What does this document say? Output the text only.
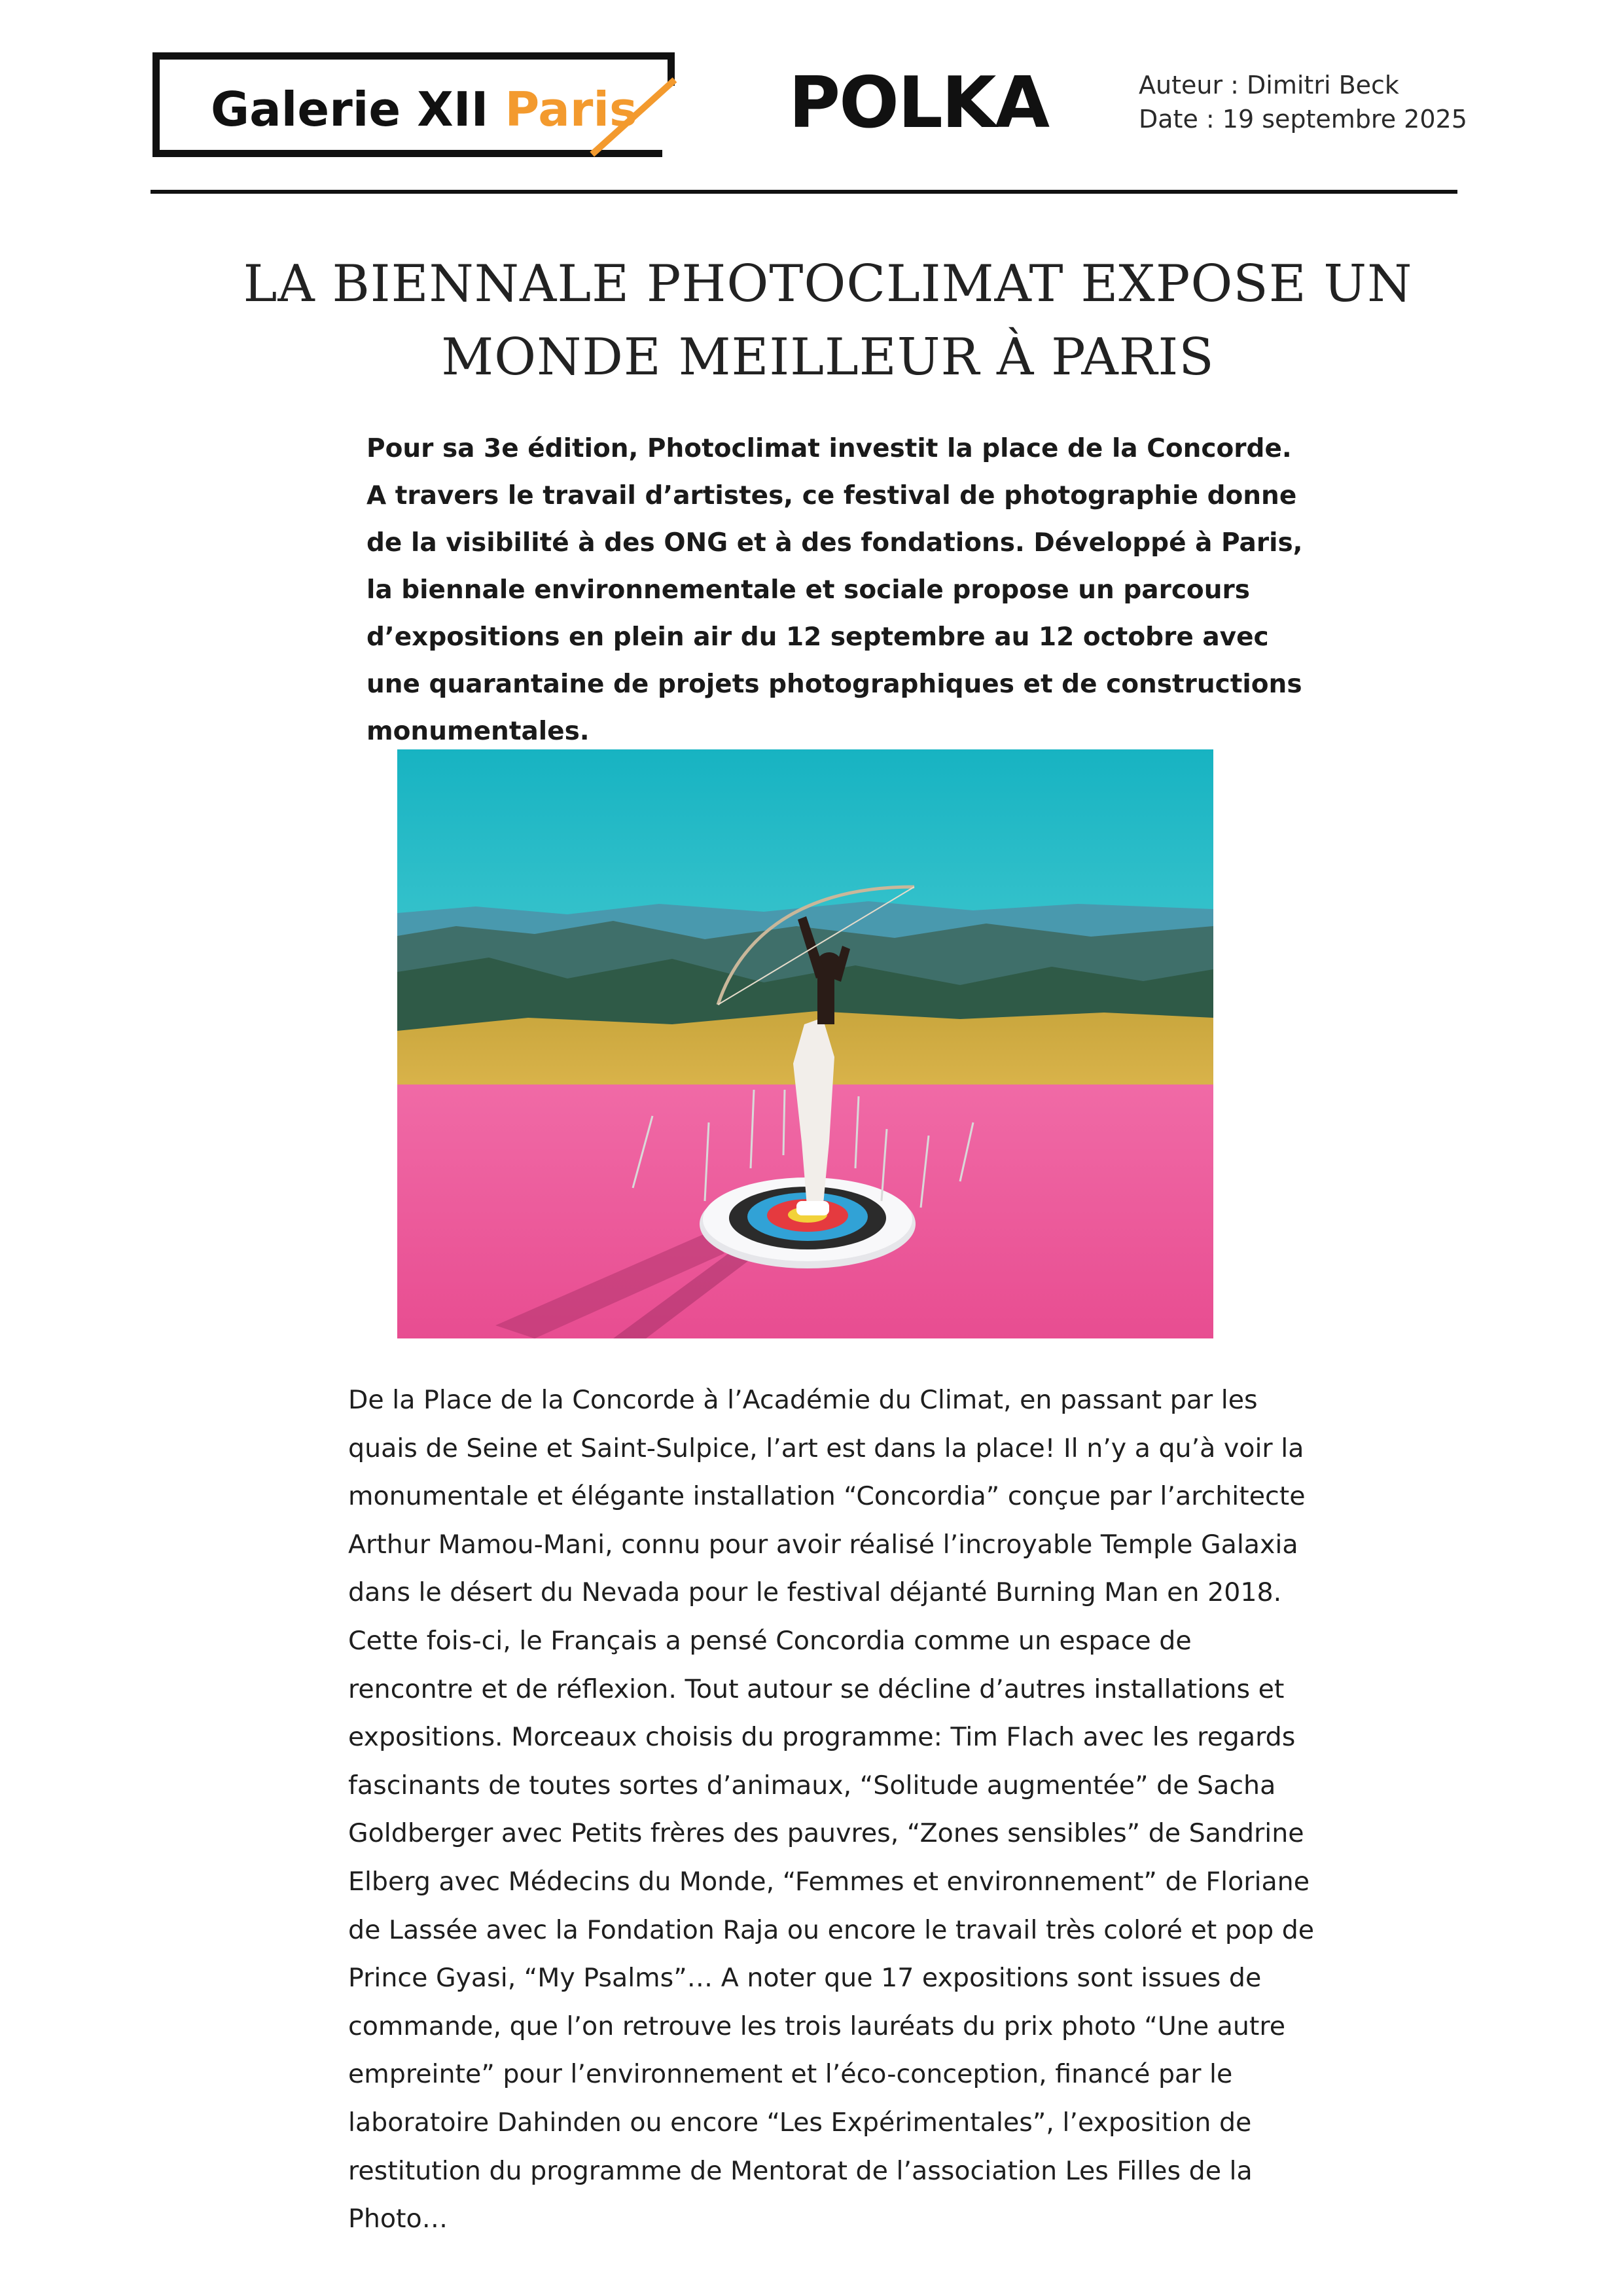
Galerie XII Paris POLKA	Auteur : Dimitri Beck
Date : 19 septembre 2025
LA BIENNALE PHOTOCLIMAT EXPOSE UN MONDE MEILLEUR À PARIS

Pour sa 3e édition, Photoclimat investit la place de la Concorde. A travers le travail d’artistes, ce festival de photographie donne de la visibilité à des ONG et à des fondations. Développé à Paris, la biennale environnementale et sociale propose un parcours d’expositions en plein air du 12 septembre au 12 octobre avec une quarantaine de projets photographiques et de constructions monumentales.

De la Place de la Concorde à l’Académie du Climat, en passant par les quais de Seine et Saint-Sulpice, l’art est dans la place! Il n’y a qu’à voir la monumentale et élégante installation “Concordia” conçue par l’architecte Arthur Mamou-Mani, connu pour avoir réalisé l’incroyable Temple Galaxia dans le désert du Nevada pour le festival déjanté Burning Man en 2018. Cette fois-ci, le Français a pensé Concordia comme un espace de rencontre et de réflexion. Tout autour se décline d’autres installations et expositions. Morceaux choisis du programme: Tim Flach avec les regards fascinants de toutes sortes d’animaux, “Solitude augmentée” de Sacha Goldberger avec Petits frères des pauvres, “Zones sensibles” de Sandrine Elberg avec Médecins du Monde, “Femmes et environnement” de Floriane de Lassée avec la Fondation Raja ou encore le travail très coloré et pop de Prince Gyasi, “My Psalms”… A noter que 17 expositions sont issues de commande, que l’on retrouve les trois lauréats du prix photo “Une autre empreinte” pour l’environnement et l’éco-conception, financé par le laboratoire Dahinden ou encore “Les Expérimentales”, l’exposition de restitution du programme de Mentorat de l’association Les Filles de la Photo…
